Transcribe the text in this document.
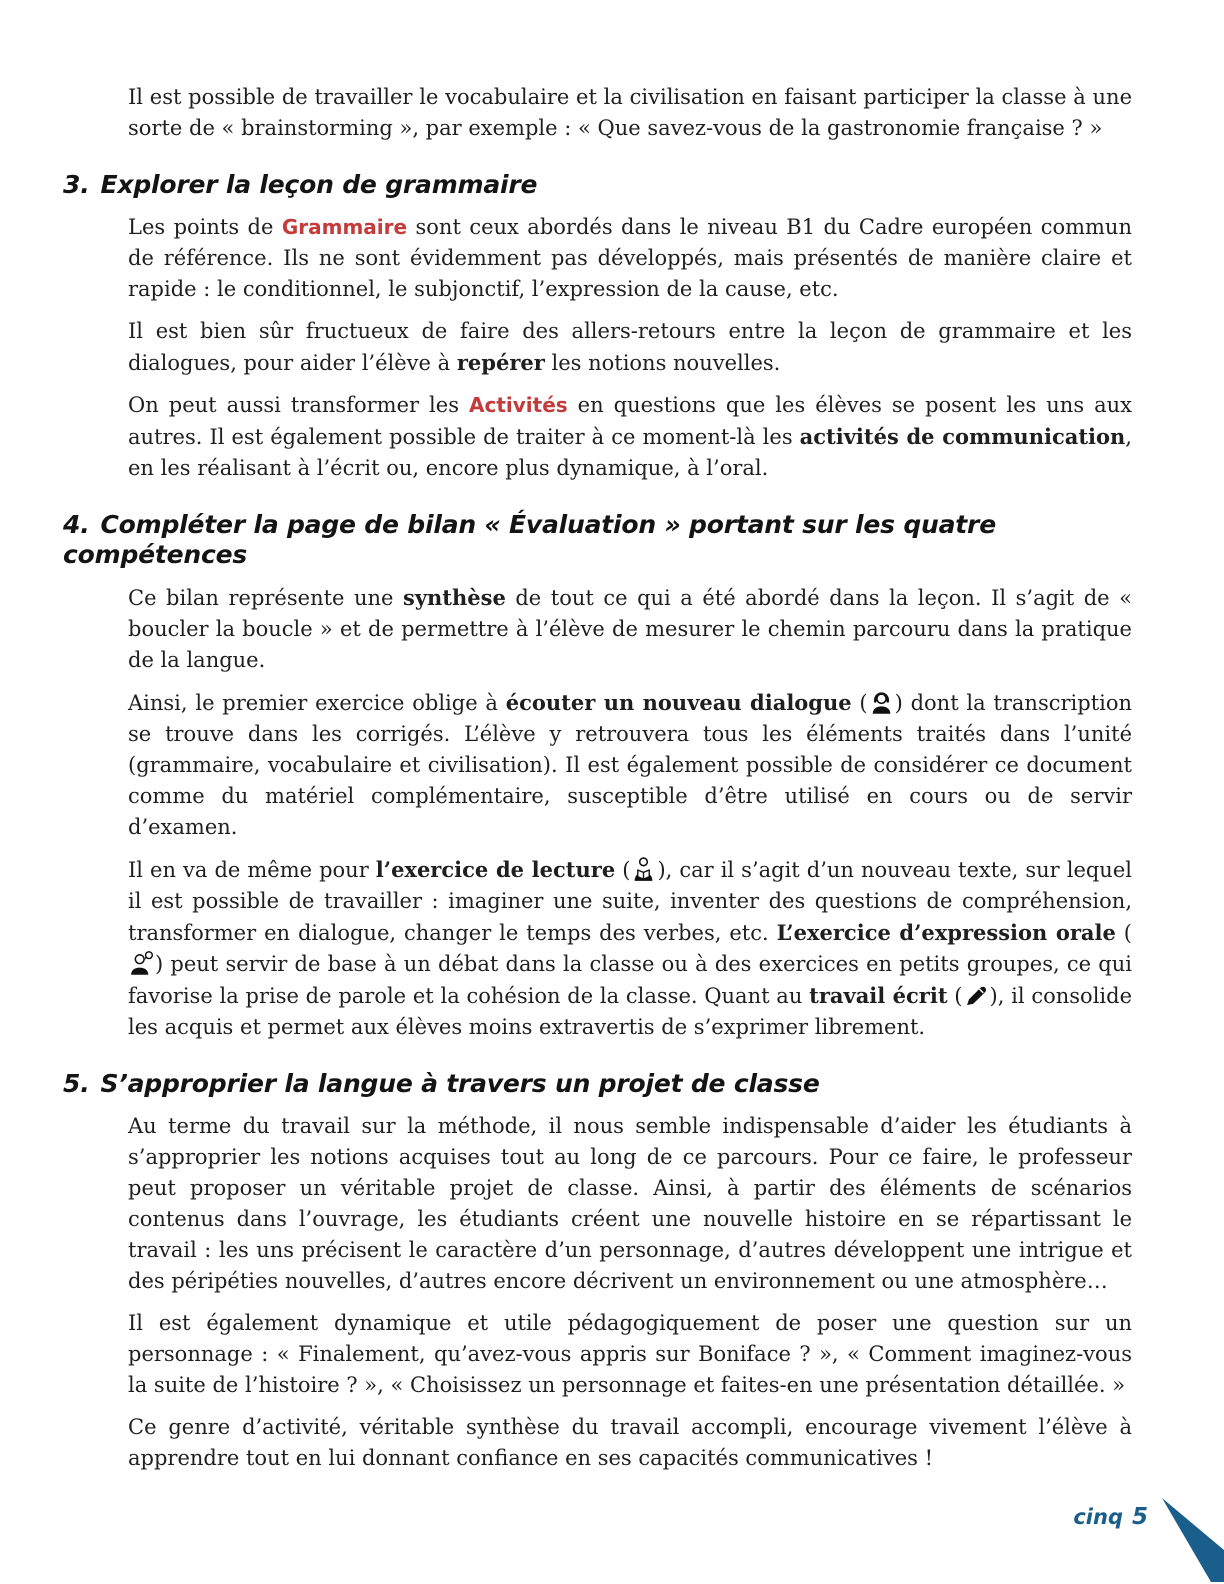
Il est possible de travailler le vocabulaire et la civilisation en faisant participer la classe à une sorte de « brainstorming », par exemple : « Que savez-vous de la gastronomie française ? »

3. Explorer la leçon de grammaire

Les points de Grammaire sont ceux abordés dans le niveau B1 du Cadre européen commun de référence. Ils ne sont évidemment pas développés, mais présentés de manière claire et rapide : le conditionnel, le subjonctif, l’expression de la cause, etc.

Il est bien sûr fructueux de faire des allers-retours entre la leçon de grammaire et les dialogues, pour aider l’élève à repérer les notions nouvelles.

On peut aussi transformer les Activités en questions que les élèves se posent les uns aux autres. Il est également possible de traiter à ce moment-là les activités de communication, en les réalisant à l’écrit ou, encore plus dynamique, à l’oral.

4. Compléter la page de bilan « Évaluation » portant sur les quatre compétences

Ce bilan représente une synthèse de tout ce qui a été abordé dans la leçon. Il s’agit de « boucler la boucle » et de permettre à l’élève de mesurer le chemin parcouru dans la pratique de la langue.

Ainsi, le premier exercice oblige à écouter un nouveau dialogue ( ) dont la transcription se trouve dans les corrigés. L’élève y retrouvera tous les éléments traités dans l’unité (grammaire, vocabulaire et civilisation). Il est également possible de considérer ce document comme du matériel complémentaire, susceptible d’être utilisé en cours ou de servir d’examen.

Il en va de même pour l’exercice de lecture ( ), car il s’agit d’un nouveau texte, sur lequel il est possible de travailler : imaginer une suite, inventer des questions de compréhension, transformer en dialogue, changer le temps des verbes, etc. L’exercice d’expression orale () peut servir de base à un débat dans la classe ou à des exercices en petits groupes, ce qui favorise la prise de parole et la cohésion de la classe. Quant au travail écrit ( ), il consolide les acquis et permet aux élèves moins extravertis de s’exprimer librement.

5. S’approprier la langue à travers un projet de classe

Au terme du travail sur la méthode, il nous semble indispensable d’aider les étudiants à s’approprier les notions acquises tout au long de ce parcours. Pour ce faire, le professeur peut proposer un véritable projet de classe. Ainsi, à partir des éléments de scénarios contenus dans l’ouvrage, les étudiants créent une nouvelle histoire en se répartissant le travail : les uns précisent le caractère d’un personnage, d’autres développent une intrigue et des péripéties nouvelles, d’autres encore décrivent un environnement ou une atmosphère…

Il est également dynamique et utile pédagogiquement de poser une question sur un personnage : « Finalement, qu’avez-vous appris sur Boniface ? », « Comment imaginez-vous la suite de l’histoire ? », « Choisissez un personnage et faites-en une présentation détaillée. »

Ce genre d’activité, véritable synthèse du travail accompli, encourage vivement l’élève à apprendre tout en lui donnant confiance en ses capacités communicatives !

cinq 5
